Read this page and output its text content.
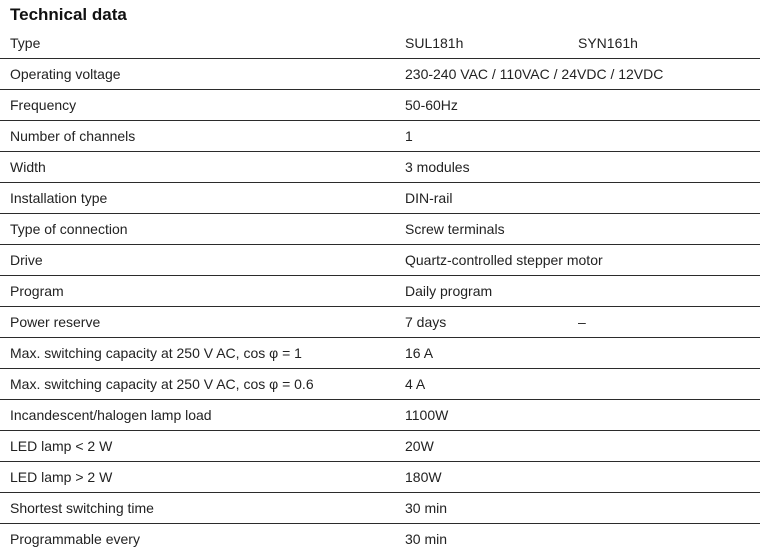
Technical data
Type	SUL181h	SYN161h
Operating voltage	230-240 VAC / 110VAC / 24VDC / 12VDC
Frequency	50-60Hz
Number of channels	1
Width	3 modules
Installation type	DIN-rail
Type of connection	Screw terminals
Drive	Quartz-controlled stepper motor
Program	Daily program
Power reserve	7 days	–
Max. switching capacity at 250 V AC, cos φ = 1	16 A
Max. switching capacity at 250 V AC, cos φ = 0.6	4 A
Incandescent/halogen lamp load	1100W
LED lamp < 2 W	20W
LED lamp > 2 W	180W
Shortest switching time	30 min
Programmable every	30 min
